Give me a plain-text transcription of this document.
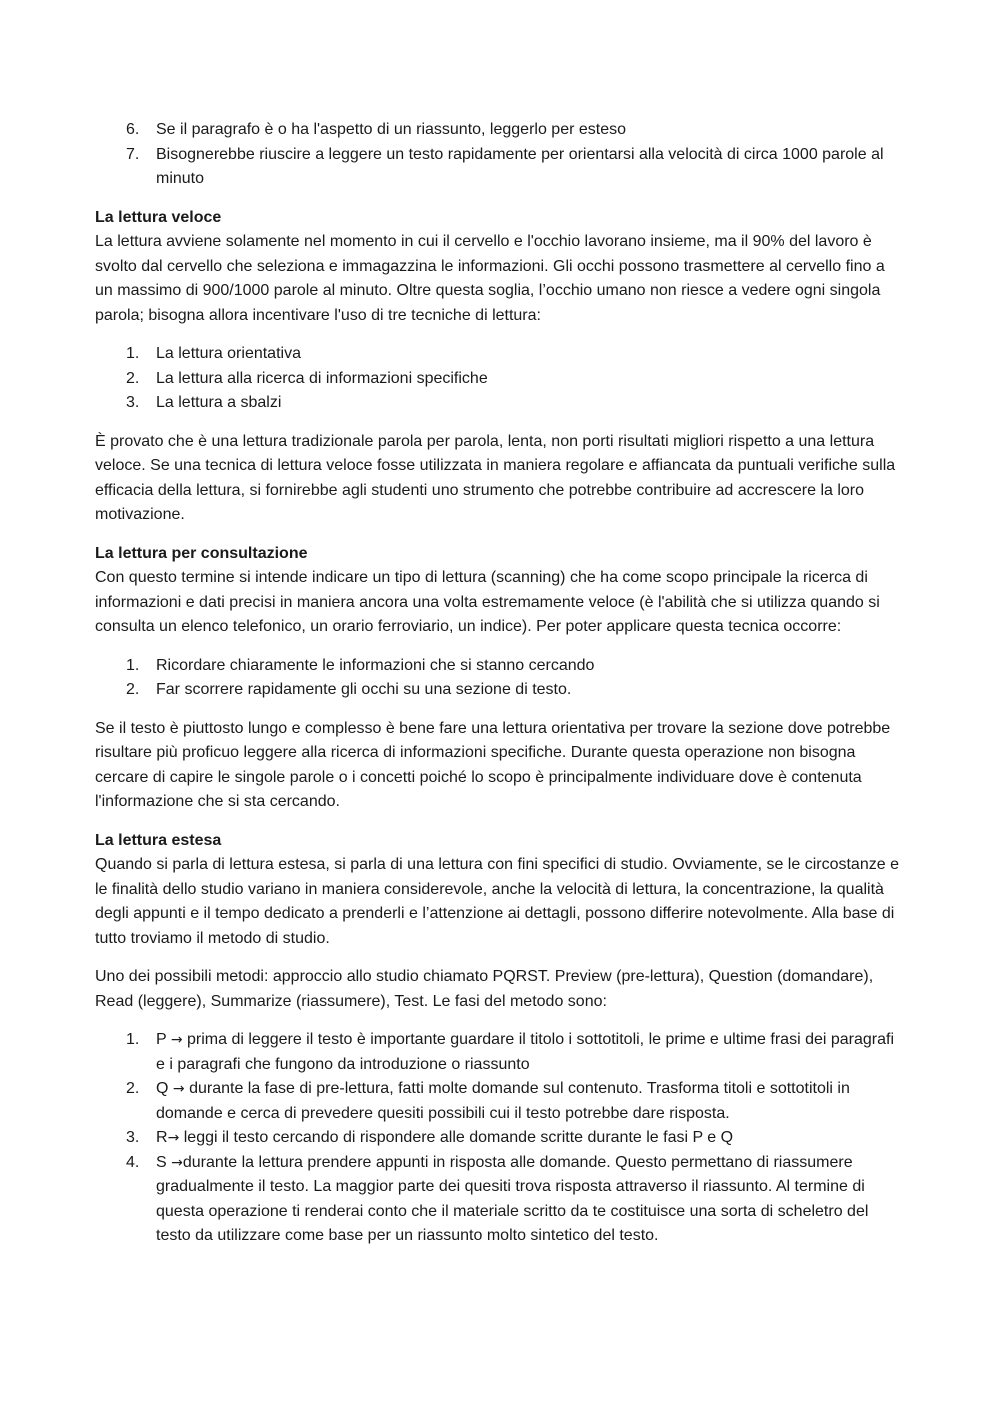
6. Se il paragrafo è o ha l'aspetto di un riassunto, leggerlo per esteso
7. Bisognerebbe riuscire a leggere un testo rapidamente per orientarsi alla velocità di circa 1000 parole al minuto

La lettura veloce
La lettura avviene solamente nel momento in cui il cervello e l'occhio lavorano insieme, ma il 90% del lavoro è svolto dal cervello che seleziona e immagazzina le informazioni. Gli occhi possono trasmettere al cervello fino a un massimo di 900/1000 parole al minuto. Oltre questa soglia, l’occhio umano non riesce a vedere ogni singola parola; bisogna allora incentivare l'uso di tre tecniche di lettura:

1. La lettura orientativa
2. La lettura alla ricerca di informazioni specifiche
3. La lettura a sbalzi

È provato che è una lettura tradizionale parola per parola, lenta, non porti risultati migliori rispetto a una lettura veloce. Se una tecnica di lettura veloce fosse utilizzata in maniera regolare e affiancata da puntuali verifiche sulla efficacia della lettura, si fornirebbe agli studenti uno strumento che potrebbe contribuire ad accrescere la loro motivazione.

La lettura per consultazione
Con questo termine si intende indicare un tipo di lettura (scanning) che ha come scopo principale la ricerca di informazioni e dati precisi in maniera ancora una volta estremamente veloce (è l'abilità che si utilizza quando si consulta un elenco telefonico, un orario ferroviario, un indice). Per poter applicare questa tecnica occorre:

1. Ricordare chiaramente le informazioni che si stanno cercando
2. Far scorrere rapidamente gli occhi su una sezione di testo.

Se il testo è piuttosto lungo e complesso è bene fare una lettura orientativa per trovare la sezione dove potrebbe risultare più proficuo leggere alla ricerca di informazioni specifiche. Durante questa operazione non bisogna cercare di capire le singole parole o i concetti poiché lo scopo è principalmente individuare dove è contenuta l'informazione che si sta cercando.

La lettura estesa
Quando si parla di lettura estesa, si parla di una lettura con fini specifici di studio. Ovviamente, se le circostanze e le finalità dello studio variano in maniera considerevole, anche la velocità di lettura, la concentrazione, la qualità degli appunti e il tempo dedicato a prenderli e l’attenzione ai dettagli, possono differire notevolmente. Alla base di tutto troviamo il metodo di studio.

Uno dei possibili metodi: approccio allo studio chiamato PQRST. Preview (pre-lettura), Question (domandare), Read (leggere), Summarize (riassumere), Test. Le fasi del metodo sono:

1. P → prima di leggere il testo è importante guardare il titolo i sottotitoli, le prime e ultime frasi dei paragrafi e i paragrafi che fungono da introduzione o riassunto
2. Q → durante la fase di pre-lettura, fatti molte domande sul contenuto. Trasforma titoli e sottotitoli in domande e cerca di prevedere quesiti possibili cui il testo potrebbe dare risposta.
3. R→ leggi il testo cercando di rispondere alle domande scritte durante le fasi P e Q
4. S →durante la lettura prendere appunti in risposta alle domande. Questo permettano di riassumere gradualmente il testo. La maggior parte dei quesiti trova risposta attraverso il riassunto. Al termine di questa operazione ti renderai conto che il materiale scritto da te costituisce una sorta di scheletro del testo da utilizzare come base per un riassunto molto sintetico del testo.
